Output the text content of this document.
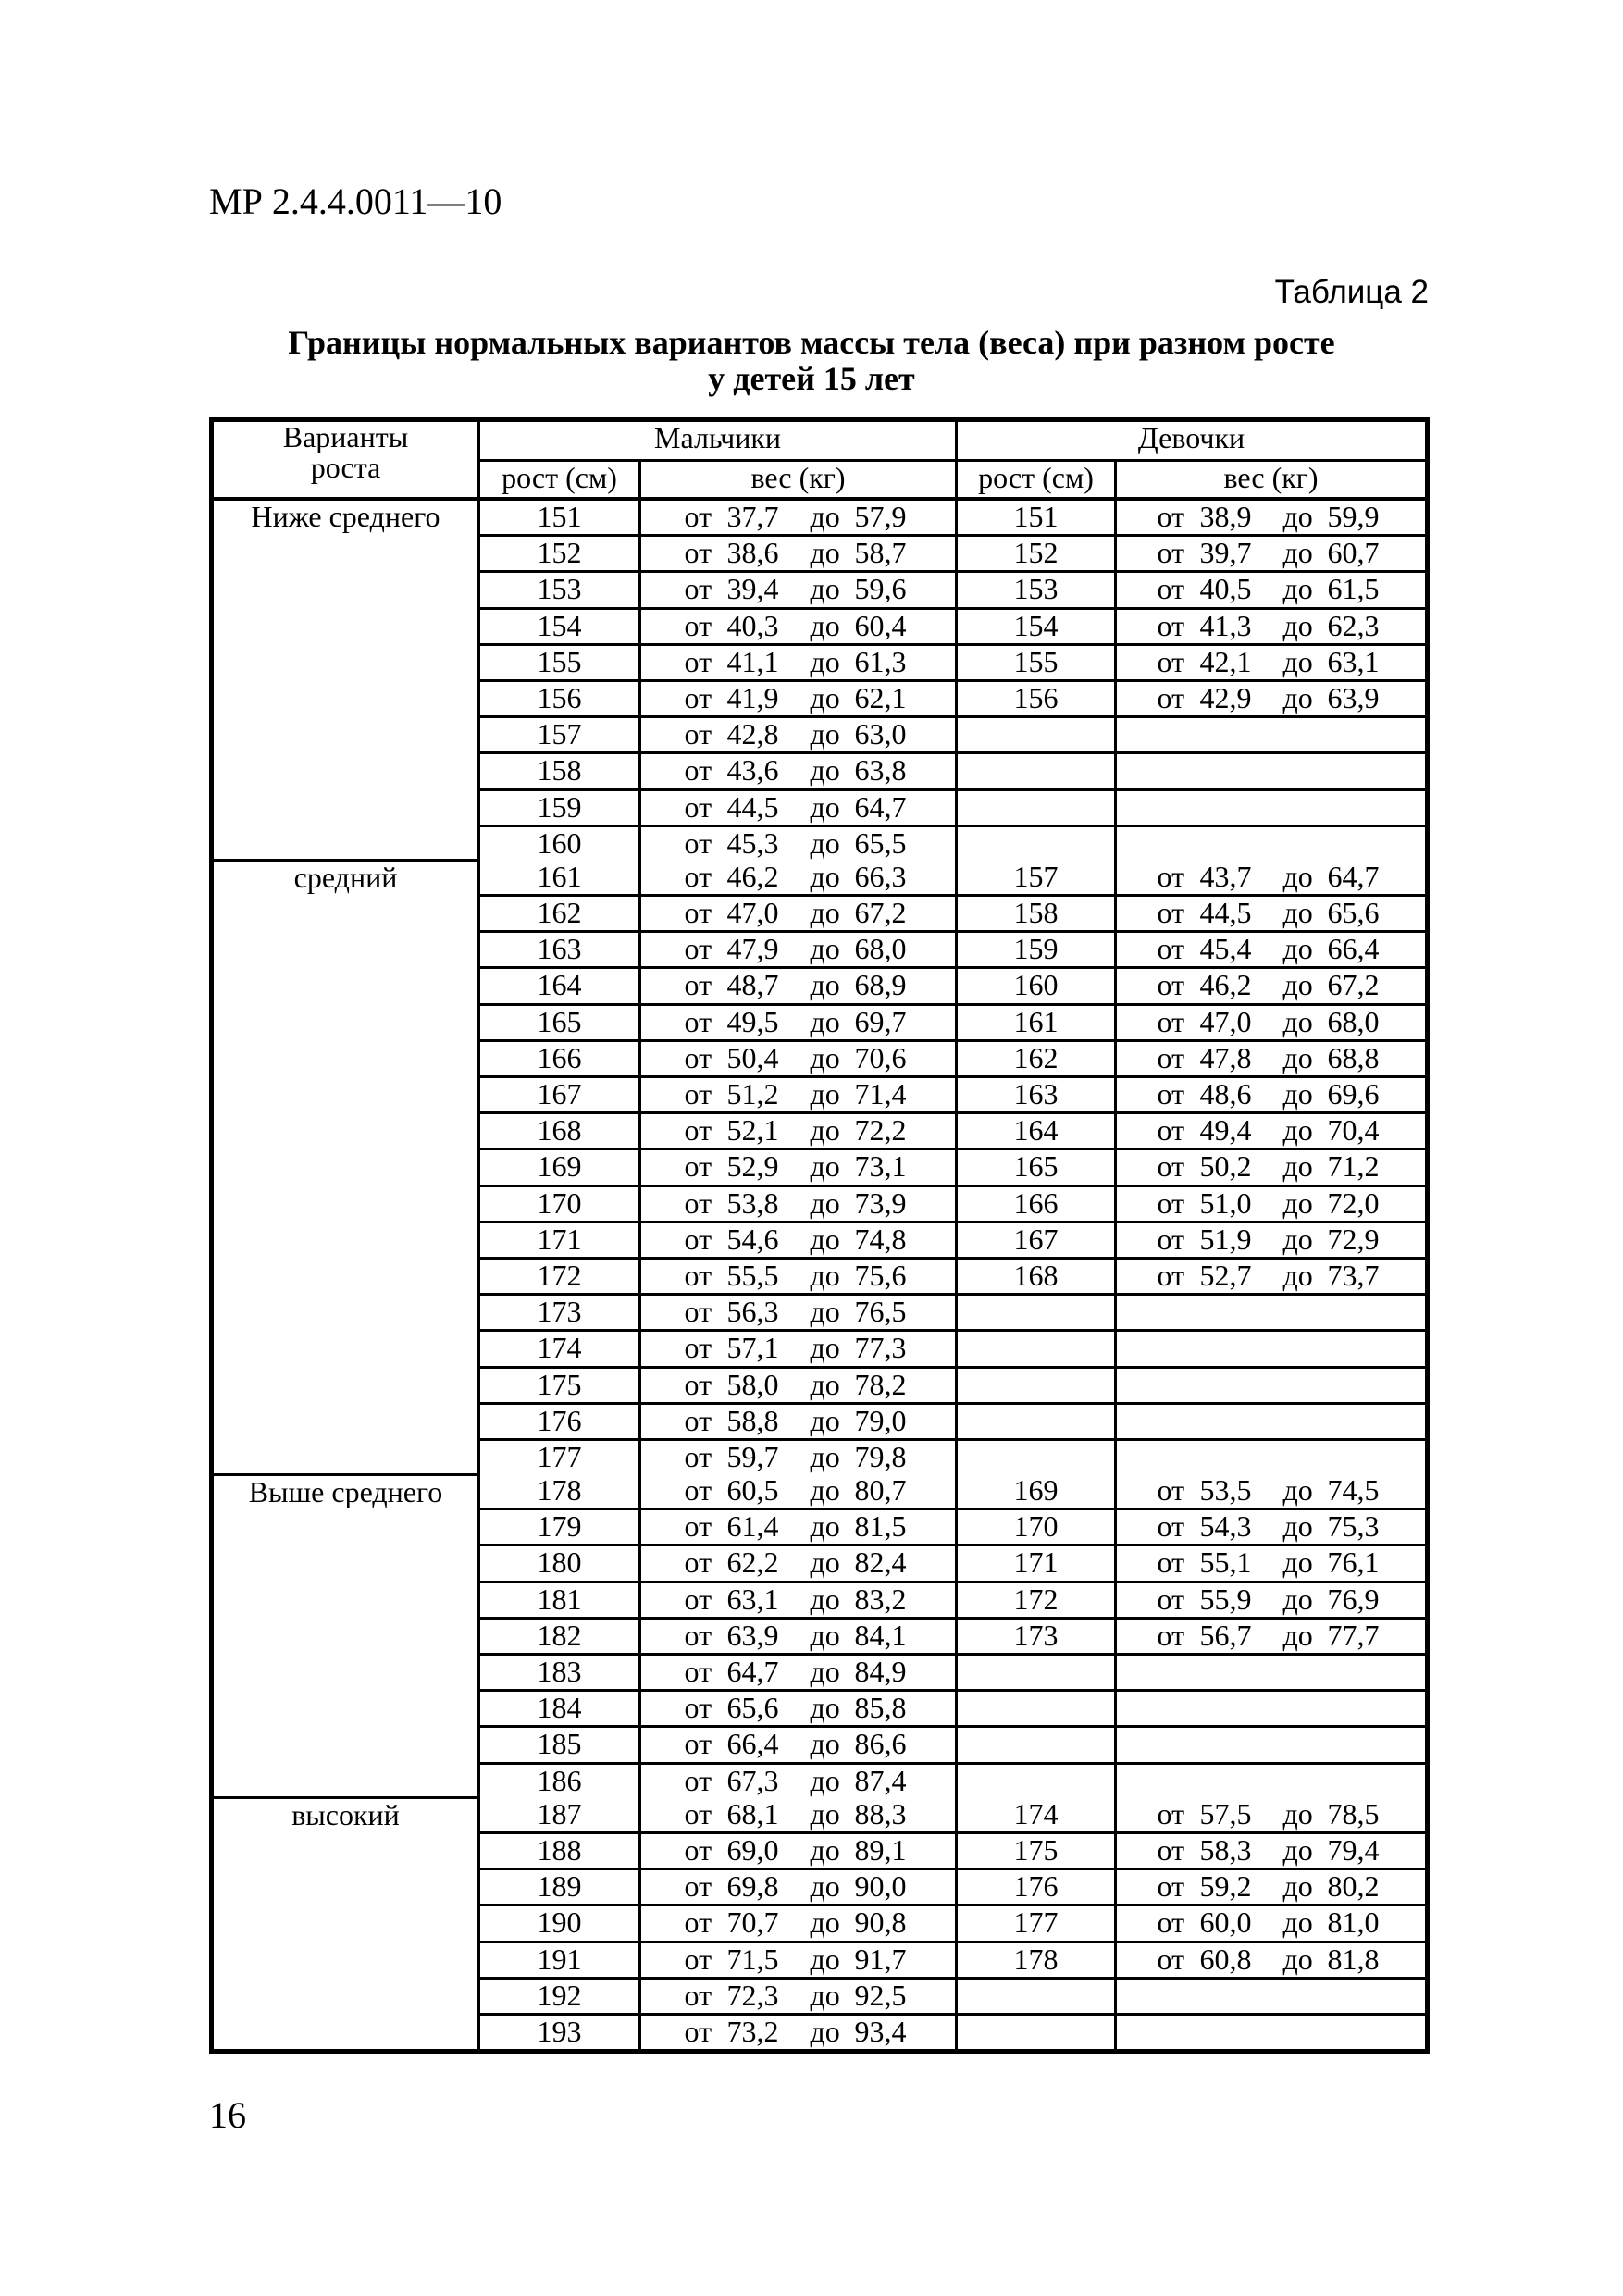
МР 2.4.4.0011—10
Таблица 2
Границы нормальных вариантов массы тела (веса) при разном росте
у детей 15 лет
Варианты
роста	Мальчики		Девочки	
	рост (см)	вес (кг)	рост (см)	вес (кг)
Ниже среднего	151	от 37,7 до 57,9	151	от 38,9 до 59,9

	152	от 38,6 до 58,7	152	от 39,7 до 60,7

	153	от 39,4 до 59,6	153	от 40,5 до 61,5

	154	от 40,3 до 60,4	154	от 41,3 до 62,3

	155	от 41,1 до 61,3	155	от 42,1 до 63,1

	156	от 41,9 до 62,1	156	от 42,9 до 63,9

	157	от 42,8 до 63,0		

	158	от 43,6 до 63,8		

	159	от 44,5 до 64,7		

	160	от 45,3 до 65,5		

средний	161	от 46,2 до 66,3	157	от 43,7 до 64,7

	162	от 47,0 до 67,2	158	от 44,5 до 65,6

	163	от 47,9 до 68,0	159	от 45,4 до 66,4

	164	от 48,7 до 68,9	160	от 46,2 до 67,2

	165	от 49,5 до 69,7	161	от 47,0 до 68,0

	166	от 50,4 до 70,6	162	от 47,8 до 68,8

	167	от 51,2 до 71,4	163	от 48,6 до 69,6

	168	от 52,1 до 72,2	164	от 49,4 до 70,4

	169	от 52,9 до 73,1	165	от 50,2 до 71,2

	170	от 53,8 до 73,9	166	от 51,0 до 72,0

	171	от 54,6 до 74,8	167	от 51,9 до 72,9

	172	от 55,5 до 75,6	168	от 52,7 до 73,7

	173	от 56,3 до 76,5		

	174	от 57,1 до 77,3		

	175	от 58,0 до 78,2		

	176	от 58,8 до 79,0		

	177	от 59,7 до 79,8		

Выше среднего	178	от 60,5 до 80,7	169	от 53,5 до 74,5

	179	от 61,4 до 81,5	170	от 54,3 до 75,3

	180	от 62,2 до 82,4	171	от 55,1 до 76,1

	181	от 63,1 до 83,2	172	от 55,9 до 76,9

	182	от 63,9 до 84,1	173	от 56,7 до 77,7

	183	от 64,7 до 84,9		

	184	от 65,6 до 85,8		

	185	от 66,4 до 86,6		

	186	от 67,3 до 87,4		

высокий	187	от 68,1 до 88,3	174	от 57,5 до 78,5

	188	от 69,0 до 89,1	175	от 58,3 до 79,4

	189	от 69,8 до 90,0	176	от 59,2 до 80,2

	190	от 70,7 до 90,8	177	от 60,0 до 81,0

	191	от 71,5 до 91,7	178	от 60,8 до 81,8

	192	от 72,3 до 92,5		

	193	от 73,2 до 93,4		

16
